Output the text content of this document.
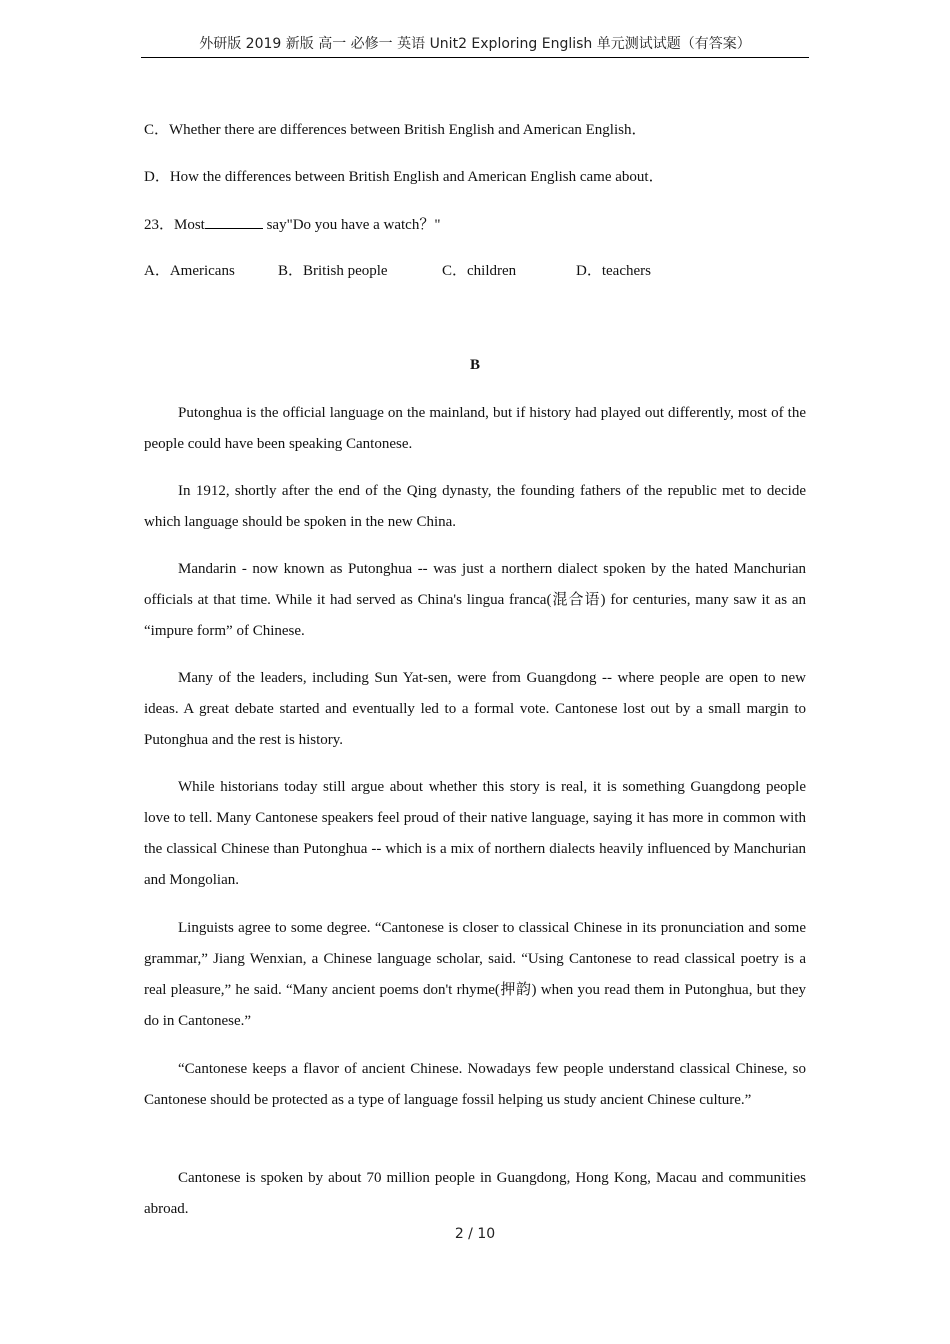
外研版 2019 新版 高一 必修一 英语 Unit2 Exploring English 单元测试试题（有答案）
C．Whether there are differences between British English and American English．
D．How the differences between British English and American English came about．
23．Most	say"Do you have a watch？"
A．Americans	B．British people	C．children	D．teachers
B

Putonghua is the official language on the mainland, but if history had played out differently, most of the people could have been speaking Cantonese.

In 1912, shortly after the end of the Qing dynasty, the founding fathers of the republic met to decide which language should be spoken in the new China.

Mandarin - now known as Putonghua -- was just a northern dialect spoken by the hated Manchurian officials at that time. While it had served as China's lingua franca(混合语) for centuries, many saw it as an “impure form” of Chinese.

Many of the leaders, including Sun Yat-sen, were from Guangdong -- where people are open to new ideas. A great debate started and eventually led to a formal vote. Cantonese lost out by a small margin to Putonghua and the rest is history.

While historians today still argue about whether this story is real, it is something Guangdong people love to tell. Many Cantonese speakers feel proud of their native language, saying it has more in common with the classical Chinese than Putonghua -- which is a mix of northern dialects heavily influenced by Manchurian and Mongolian.

Linguists agree to some degree. “Cantonese is closer to classical Chinese in its pronunciation and some grammar,” Jiang Wenxian, a Chinese language scholar, said. “Using Cantonese to read classical poetry is a real pleasure,” he said. “Many ancient poems don't rhyme(押韵) when you read them in Putonghua, but they do in Cantonese.”

“Cantonese keeps a flavor of ancient Chinese. Nowadays few people understand classical Chinese, so Cantonese should be protected as a type of language fossil helping us study ancient Chinese culture.”

Cantonese is spoken by about 70 million people in Guangdong, Hong Kong, Macau and communities abroad.

2 / 10
